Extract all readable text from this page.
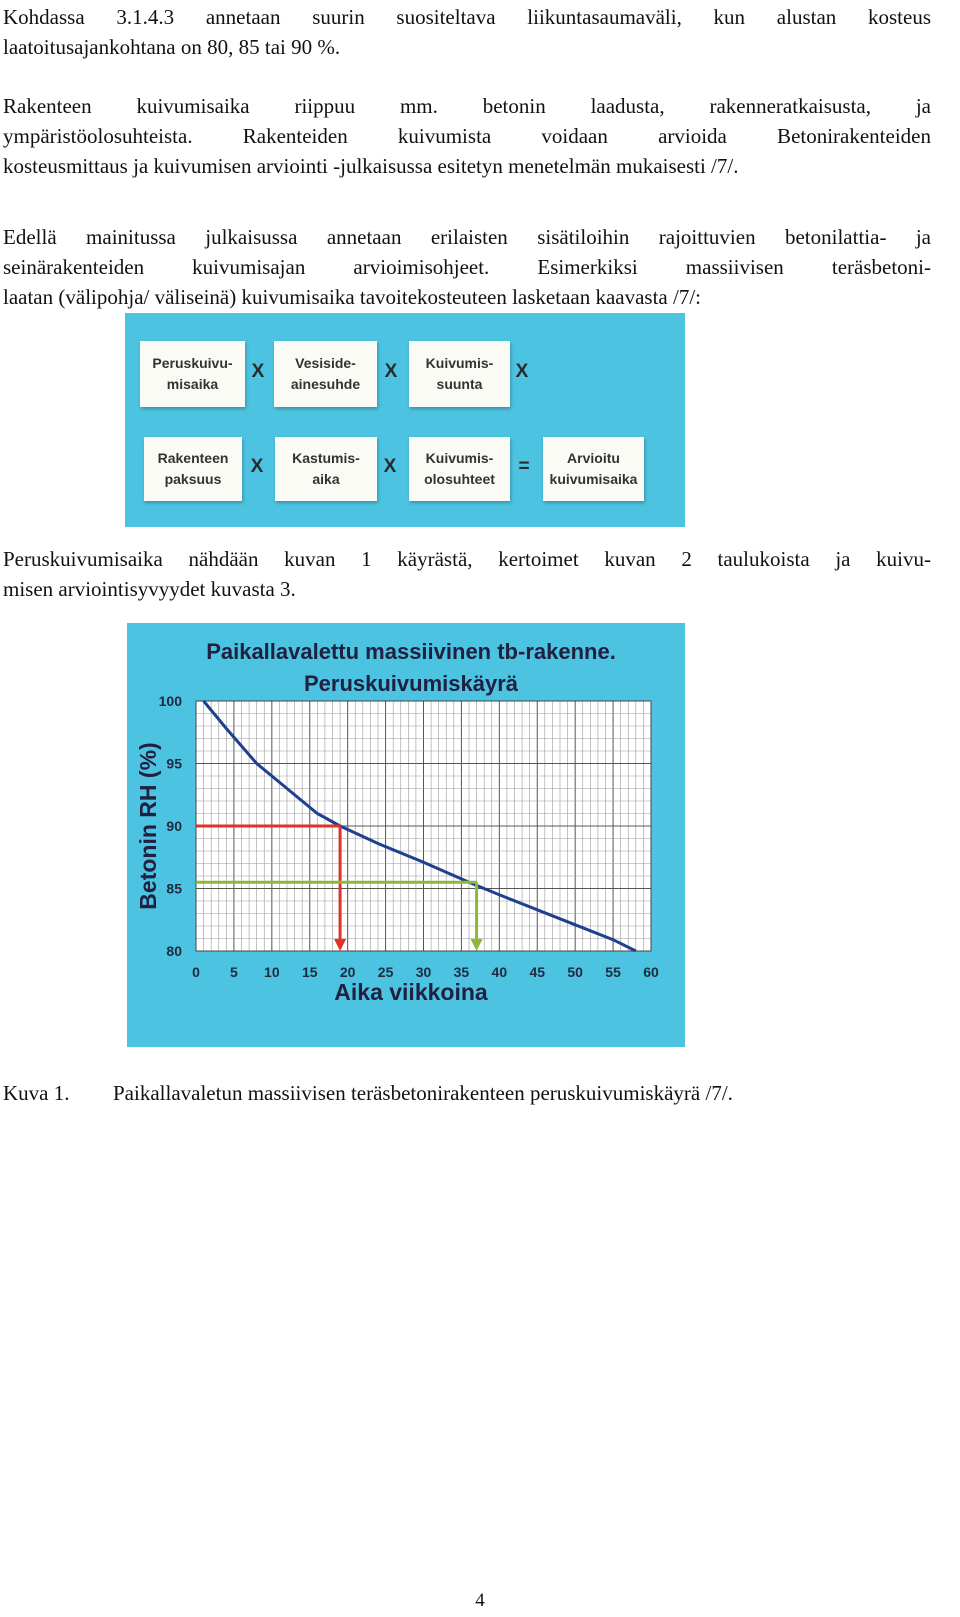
Kohdassa 3.1.4.3 annetaan suurin suositeltava liikuntasaumaväli, kun alustan kosteus
laatoitusajankohtana on 80, 85 tai 90 %.
Rakenteen kuivumisaika riippuu mm. betonin laadusta, rakenneratkaisusta, ja
ympäristöolosuhteista. Rakenteiden kuivumista voidaan arvioida Betonirakenteiden
kosteusmittaus ja kuivumisen arviointi -julkaisussa esitetyn menetelmän mukaisesti /7/.
Edellä mainitussa julkaisussa annetaan erilaisten sisätiloihin rajoittuvien betonilattia- ja
seinärakenteiden kuivumisajan arvioimisohjeet. Esimerkiksi massiivisen teräsbetoni-
laatan (välipohja/ väliseinä) kuivumisaika tavoitekosteuteen lasketaan kaavasta /7/:
Peruskuivu-
misaika
X	Vesiside-
ainesuhde
X	Kuivumis-
suunta
X
Rakenteen
paksuus
X	Kastumis-
aika
X	Kuivumis-
olosuhteet
=	Arvioitu
kuivumisaika
Peruskuivumisaika nähdään kuvan 1 käyrästä, kertoimet kuvan 2 taulukoista ja kuivu-
misen arviointisyvyydet kuvasta 3.
Paikallavalettu massiivinen tb-rakenne.
Peruskuivumiskäyrä
80
85
90
95
100
0 5 10 15 20 25 30 35 40 45 50 55 60
Betonin RH (%)
Aika viikkoina
Kuva 1. Paikallavaletun massiivisen teräsbetonirakenteen peruskuivumiskäyrä /7/.
4
